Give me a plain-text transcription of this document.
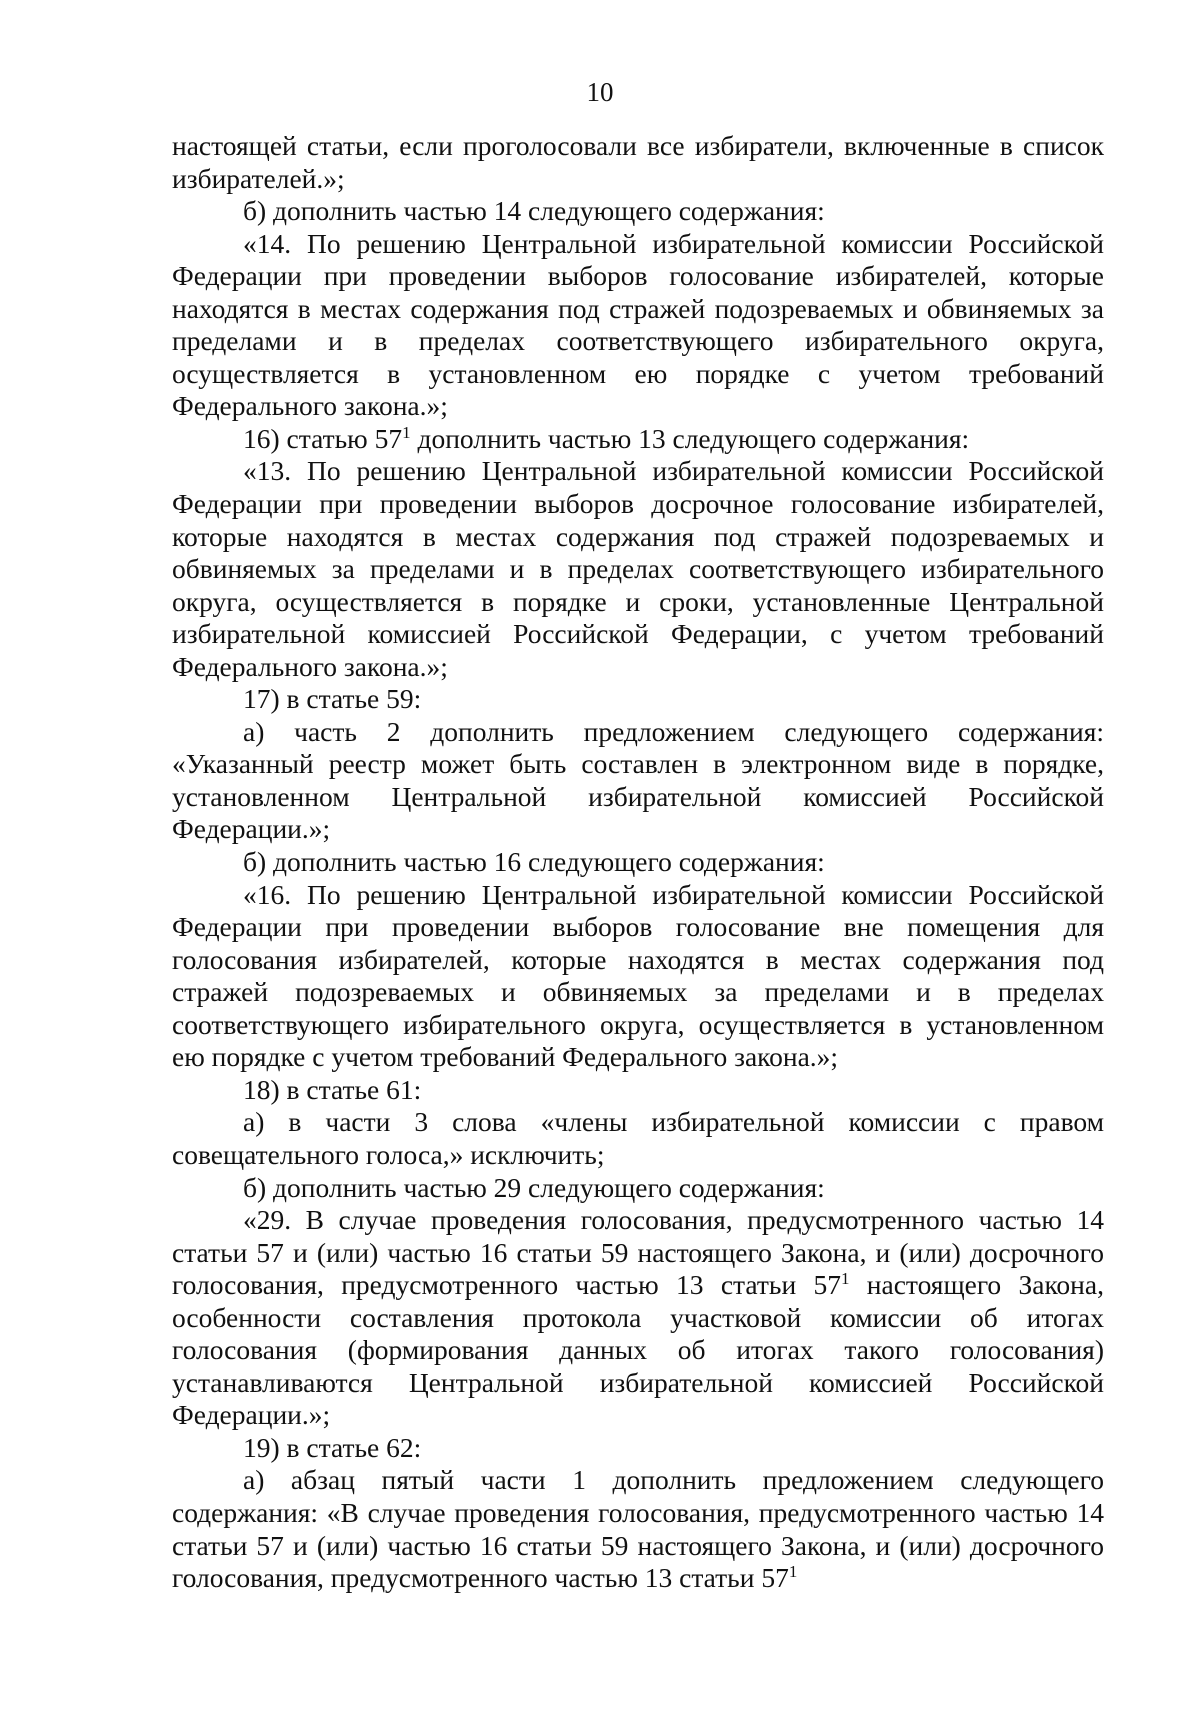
10

настоящей статьи, если проголосовали все избиратели, включенные в список избирателей.»;

б) дополнить частью 14 следующего содержания:

«14. По решению Центральной избирательной комиссии Российской Федерации при проведении выборов голосование избирателей, которые находятся в местах содержания под стражей подозреваемых и обвиняемых за пределами и в пределах соответствующего избирательного округа, осуществляется в установленном ею порядке с учетом требований Федерального закона.»;

16) статью $57^1$ дополнить частью 13 следующего содержания:

«13. По решению Центральной избирательной комиссии Российской Федерации при проведении выборов досрочное голосование избирателей, которые находятся в местах содержания под стражей подозреваемых и обвиняемых за пределами и в пределах соответствующего избирательного округа, осуществляется в порядке и сроки, установленные Центральной избирательной комиссией Российской Федерации, с учетом требований Федерального закона.»;

17) в статье 59:

а) часть 2 дополнить предложением следующего содержания: «Указанный реестр может быть составлен в электронном виде в порядке, установленном Центральной избирательной комиссией Российской Федерации.»;

б) дополнить частью 16 следующего содержания:

«16. По решению Центральной избирательной комиссии Российской Федерации при проведении выборов голосование вне помещения для голосования избирателей, которые находятся в местах содержания под стражей подозреваемых и обвиняемых за пределами и в пределах соответствующего избирательного округа, осуществляется в установленном ею порядке с учетом требований Федерального закона.»;

18) в статье 61:

а) в части 3 слова «члены избирательной комиссии с правом совещательного голоса,» исключить;

б) дополнить частью 29 следующего содержания:

«29. В случае проведения голосования, предусмотренного частью 14 статьи 57 и (или) частью 16 статьи 59 настоящего Закона, и (или) досрочного голосования, предусмотренного частью 13 статьи $57^1$ настоящего Закона, особенности составления протокола участковой комиссии об итогах голосования (формирования данных об итогах такого голосования) устанавливаются Центральной избирательной комиссией Российской Федерации.»;

19) в статье 62:

а) абзац пятый части 1 дополнить предложением следующего содержания: «В случае проведения голосования, предусмотренного частью 14 статьи 57 и (или) частью 16 статьи 59 настоящего Закона, и (или) досрочного голосования, предусмотренного частью 13 статьи $57^1$
